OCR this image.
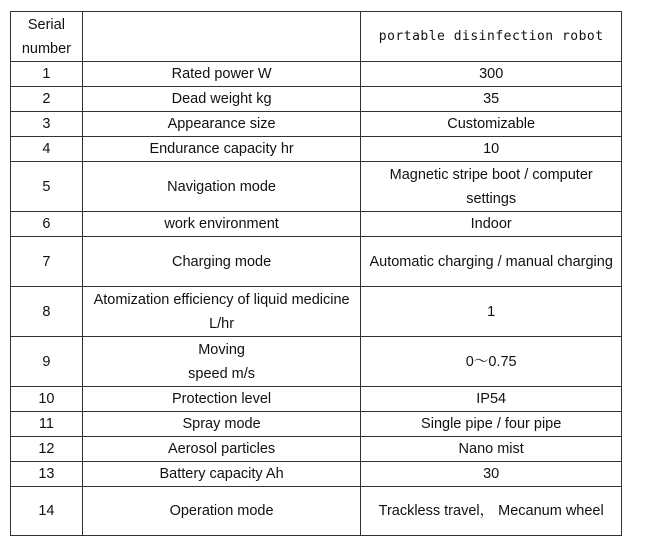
Serial number		portable disinfection robot
1	Rated power W	300
2	Dead weight kg	35
3	Appearance size	Customizable
4	Endurance capacity hr	10
5	Navigation mode	Magnetic stripe boot / computer settings
6	work environment	Indoor
7	Charging mode	Automatic charging / manual charging
8	Atomization efficiency of liquid medicine L/hr	1
9	Moving speed m/s	0～0.75
10	Protection level	IP54
11	Spray mode	Single pipe / four pipe
12	Aerosol particles	Nano mist
13	Battery capacity Ah	30
14	Operation mode	Trackless travel， Mecanum wheel
